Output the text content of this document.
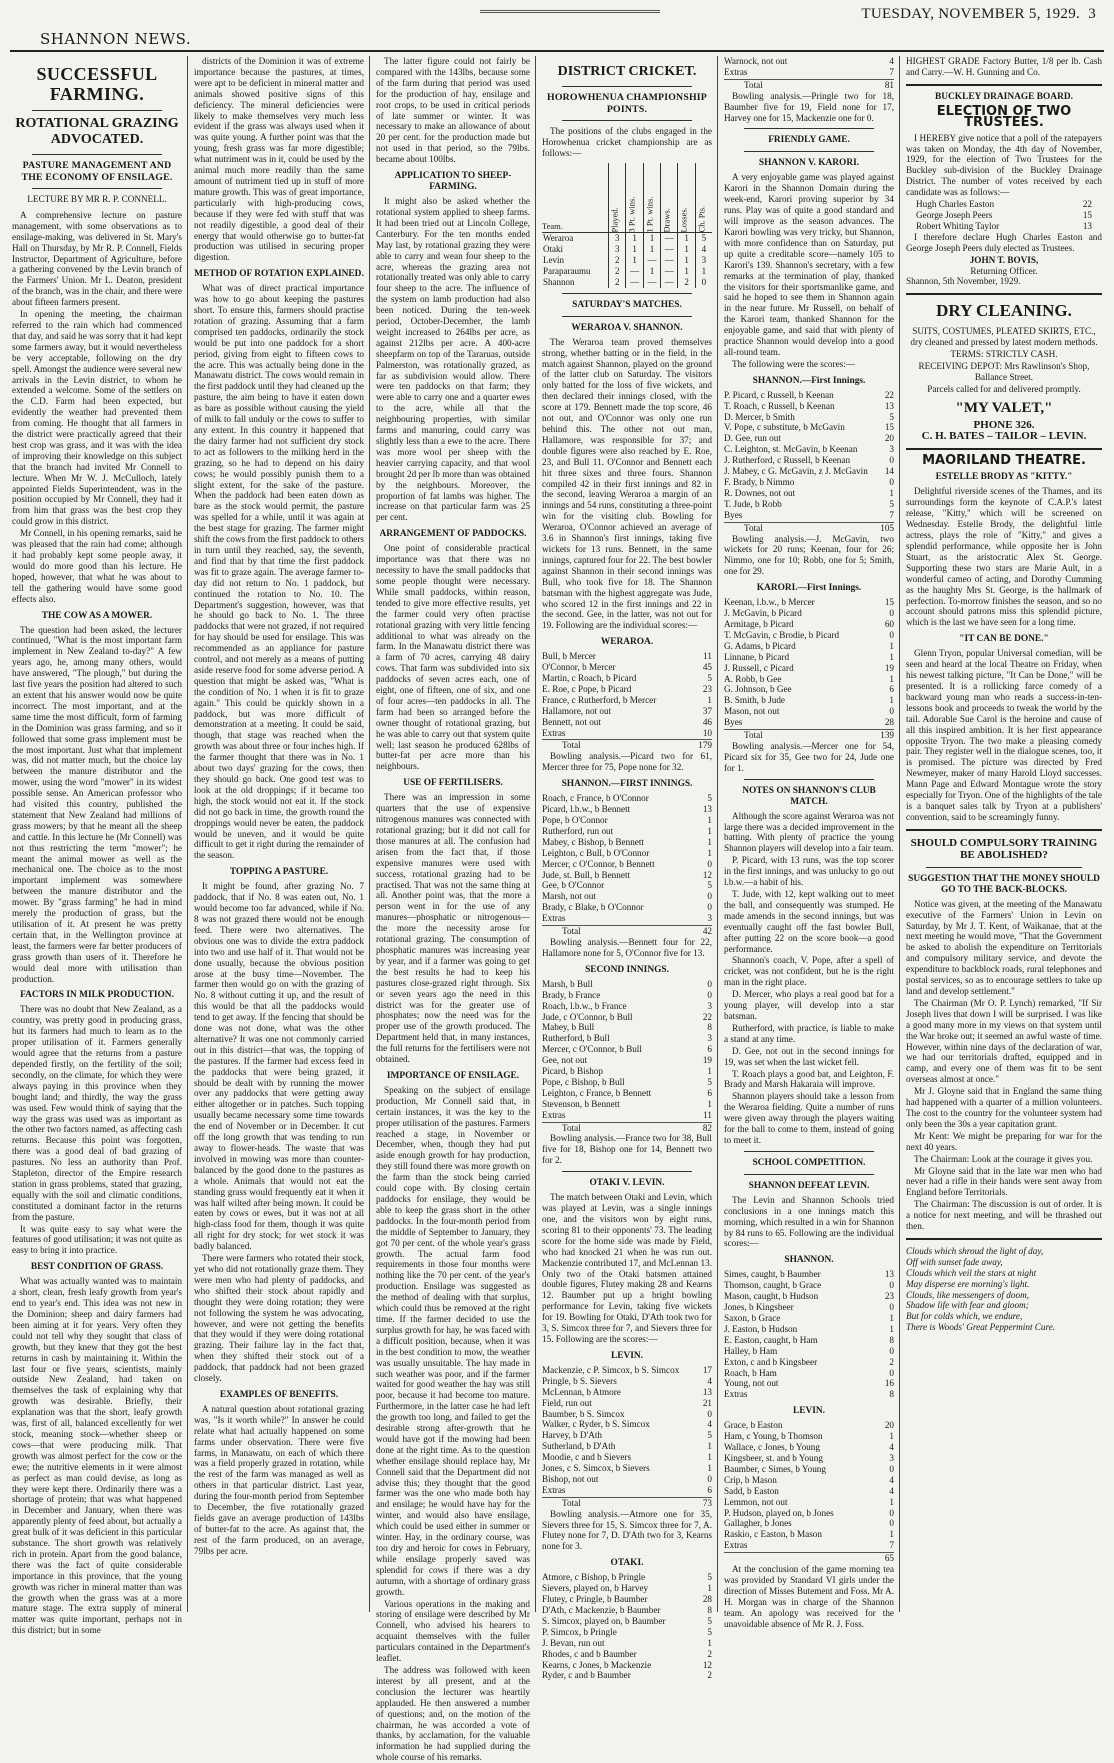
SHANNON NEWS.
TUESDAY, NOVEMBER 5, 1929. 3
SUCCESSFUL FARMING.
ROTATIONAL GRAZING ADVOCATED.
PASTURE MANAGEMENT AND THE ECONOMY OF ENSILAGE.
LECTURE BY MR R. P. CONNELL.

A comprehensive lecture on pasture management, with some observations as to ensilage-making, was delivered in St. Mary's Hall on Thursday, by Mr R. P. Connell, Fields Instructor, Department of Agriculture, before a gathering convened by the Levin branch of the Farmers' Union. Mr L. Deaton, president of the branch, was in the chair, and there were about fifteen farmers present.

In opening the meeting, the chairman referred to the rain which had commenced that day, and said he was sorry that it had kept some farmers away, but it would nevertheless be very acceptable, following on the dry spell. Amongst the audience were several new arrivals in the Levin district, to whom he extended a welcome. Some of the settlers on the C.D. Farm had been expected, but evidently the weather had prevented them from coming. He thought that all farmers in the district were practically agreed that their best crop was grass, and it was with the idea of improving their knowledge on this subject that the branch had invited Mr Connell to lecture. When Mr W. J. McCulloch, lately appointed Fields Superintendent, was in the position occupied by Mr Connell, they had it from him that grass was the best crop they could grow in this district.

Mr Connell, in his opening remarks, said he was pleased that the rain had come; although it had probably kept some people away, it would do more good than his lecture. He hoped, however, that what he was about to tell the gathering would have some good effects also.

THE COW AS A MOWER.

The question had been asked, the lecturer continued, "What is the most important farm implement in New Zealand to-day?" A few years ago, he, among many others, would have answered, "The plough," but during the last five years the position had altered to such an extent that his answer would now be quite incorrect. The most important, and at the same time the most difficult, form of farming in the Dominion was grass farming, and so it followed that some grass implement must be the most important. Just what that implement was, did not matter much, but the choice lay between the manure distributor and the mower, using the word "mower" in its widest possible sense. An American professor who had visited this country, published the statement that New Zealand had millions of grass mowers; by that he meant all the sheep and cattle. In this lecture he (Mr Connell) was not thus restricting the term "mower"; he meant the animal mower as well as the mechanical one. The choice as to the most important implement was somewhere between the manure distributor and the mower. By "grass farming" he had in mind merely the production of grass, but the utilisation of it. At present he was pretty certain that, in the Wellington province at least, the farmers were far better producers of grass growth than users of it. Therefore he would deal more with utilisation than production.

FACTORS IN MILK PRODUCTION.

There was no doubt that New Zealand, as a country, was pretty good in producing grass, but its farmers had much to learn as to the proper utilisation of it. Farmers generally would agree that the returns from a pasture depended firstly, on the fertility of the soil; secondly, on the climate, for which they were always paying in this province when they bought land; and thirdly, the way the grass was used. Few would think of saying that the way the grass was used was as important as the other two factors named, as affecting cash returns. Because this point was forgotten, there was a good deal of bad grazing of pastures. No less an authority than Prof. Stapleton, director of the Empire research station in grass problems, stated that grazing, equally with the soil and climatic conditions, constituted a dominant factor in the returns from the pasture.

It was quite easy to say what were the features of good utilisation; it was not quite as easy to bring it into practice.

BEST CONDITION OF GRASS.

What was actually wanted was to maintain a short, clean, fresh leafy growth from year's end to year's end. This idea was not new in the Dominion; sheep and dairy farmers had been aiming at it for years. Very often they could not tell why they sought that class of growth, but they knew that they got the best returns in cash by maintaining it. Within the last four or five years, scientists, mainly outside New Zealand, had taken on themselves the task of explaining why that growth was desirable. Briefly, their explanation was that the short, leafy growth was, first of all, balanced excellently for wet stock, meaning stock—whether sheep or cows—that were producing milk. That growth was almost perfect for the cow or the ewe; the nutritive elements in it were almost as perfect as man could devise, as long as they were kept there. Ordinarily there was a shortage of protein; that was what happened in December and January, when there was apparently plenty of feed about, but actually a great bulk of it was deficient in this particular substance. The short growth was relatively rich in protein. Apart from the good balance, there was the fact of quite considerable importance in this province, that the young growth was richer in mineral matter than was the growth when the grass was at a more mature stage. The extra supply of mineral matter was quite important, perhaps not in this district; but in some

districts of the Dominion it was of extreme importance because the pastures, at times, were apt to be deficient in mineral matter and animals showed positive signs of this deficiency. The mineral deficiencies were likely to make themselves very much less evident if the grass was always used when it was quite young. A further point was that the young, fresh grass was far more digestible; what nutriment was in it, could be used by the animal much more readily than the same amount of nutriment tied up in stuff of more mature growth. This was of great importance, particularly with high-producing cows, because if they were fed with stuff that was not readily digestible, a good deal of their energy that would otherwise go to butter-fat production was utilised in securing proper digestion.

METHOD OF ROTATION EXPLAINED.

What was of direct practical importance was how to go about keeping the pastures short. To ensure this, farmers should practise rotation of grazing. Assuming that a farm comprised ten paddocks, ordinarily the stock would be put into one paddock for a short period, giving from eight to fifteen cows to the acre. This was actually being done in the Manawatu district. The cows would remain in the first paddock until they had cleaned up the pasture, the aim being to have it eaten down as bare as possible without causing the yield of milk to fall unduly or the cows to suffer to any extent. In this country it happened that the dairy farmer had not sufficient dry stock to act as followers to the milking herd in the grazing, so he had to depend on his dairy cows; he would possibly punish them to a slight extent, for the sake of the pasture. When the paddock had been eaten down as bare as the stock would permit, the pasture was spelled for a while, until it was again at the best stage for grazing. The farmer might shift the cows from the first paddock to others in turn until they reached, say, the seventh, and find that by that time the first paddock was fit to graze again. The average farmer to-day did not return to No. 1 paddock, but continued the rotation to No. 10. The Department's suggestion, however, was that he should go back to No. 1. The three paddocks that were not grazed, if not required for hay should be used for ensilage. This was recommended as an appliance for pasture control, and not merely as a means of putting aside reserve food for some adverse period. A question that might be asked was, "What is the condition of No. 1 when it is fit to graze again." This could be quickly shown in a paddock, but was more difficult of demonstration at a meeting. It could be said, though, that stage was reached when the growth was about three or four inches high. If the farmer thought that there was in No. 1 about two days' grazing for the cows, then they should go back. One good test was to look at the old droppings; if it became too high, the stock would not eat it. If the stock did not go back in time, the growth round the droppings would never be eaten, the paddock would be uneven, and it would be quite difficult to get it right during the remainder of the season.

TOPPING A PASTURE.

It might be found, after grazing No. 7 paddock, that if No. 8 was eaten out, No. 1 would become too far advanced, while if No. 8 was not grazed there would not be enough feed. There were two alternatives. The obvious one was to divide the extra paddock into two and use half of it. That would not be done usually, because the obvious position arose at the busy time—November. The farmer then would go on with the grazing of No. 8 without cutting it up, and the result of this would be that all the paddocks would tend to get away. If the fencing that should be done was not done, what was the other alternative? It was one not commonly carried out in this district—that was, the topping of the pastures. If the farmer had excess feed in the paddocks that were being grazed, it should be dealt with by running the mower over any paddocks that were getting away either altogether or in patches. Such topping usually became necessary some time towards the end of November or in December. It cut off the long growth that was tending to run away to flower-heads. The waste that was involved in mowing was more than counter-balanced by the good done to the pastures as a whole. Animals that would not eat the standing grass would frequently eat it when it was half wilted after being mown. It could be eaten by cows or ewes, but it was not at all high-class food for them, though it was quite all right for dry stock; for wet stock it was badly balanced.

There were farmers who rotated their stock, yet who did not rotationally graze them. They were men who had plenty of paddocks, and who shifted their stock about rapidly and thought they were doing rotation; they were not following the system he was advocating, however, and were not getting the benefits that they would if they were doing rotational grazing. Their failure lay in the fact that, when they shifted their stock out of a paddock, that paddock had not been grazed closely.

EXAMPLES OF BENEFITS.

A natural question about rotational grazing was, "Is it worth while?" In answer he could relate what had actually happened on some farms under observation. There were five farms, in Manawatu, on each of which there was a field properly grazed in rotation, while the rest of the farm was managed as well as others in that particular district. Last year, during the four-month period from September to December, the five rotationally grazed fields gave an average production of 143lbs of butter-fat to the acre. As against that, the rest of the farm produced, on an average, 79lbs per acre.

The latter figure could not fairly be compared with the 143lbs, because some of the farm during that period was used for the production of hay, ensilage and root crops, to be used in critical periods of late summer or winter. It was necessary to make an allowance of about 20 per cent. for the production made but not used in that period, so the 79lbs. became about 100lbs.

APPLICATION TO SHEEP-FARMING.

It might also be asked whether the rotational system applied to sheep farms. It had been tried out at Lincoln College, Canterbury. For the ten months ended May last, by rotational grazing they were able to carry and wean four sheep to the acre, whereas the grazing area not rotationally treated was only able to carry four sheep to the acre. The influence of the system on lamb production had also been noticed. During the ten-week period, October-December, the lamb weight increased to 264lbs per acre, as against 212lbs per acre. A 400-acre sheepfarm on top of the Tararuas, outside Palmerston, was rotationally grazed, as far as subdivision would allow. There were ten paddocks on that farm; they were able to carry one and a quarter ewes to the acre, while all that the neighbouring properties, with similar farms and manuring, could carry was slightly less than a ewe to the acre. There was more wool per sheep with the heavier carrying capacity, and that wool brought 2d per lb more than was obtained by the neighbours. Moreover, the proportion of fat lambs was higher. The increase on that particular farm was 25 per cent.

ARRANGEMENT OF PADDOCKS.

One point of considerable practical importance was that there was no necessity to have the small paddocks that some people thought were necessary. While small paddocks, within reason, tended to give more effective results, yet the farmer could very often practise rotational grazing with very little fencing additional to what was already on the farm. In the Manawatu district there was a farm of 70 acres, carrying 48 dairy cows. That farm was subdivided into six paddocks of seven acres each, one of eight, one of fifteen, one of six, and one of four acres—ten paddocks in all. The farm had been so arranged before the owner thought of rotational grazing, but he was able to carry out that system quite well; last season he produced 628lbs of butter-fat per acre more than his neighbours.

USE OF FERTILISERS.

There was an impression in some quarters that the use of expensive nitrogenous manures was connected with rotational grazing; but it did not call for those manures at all. The confusion had arisen from the fact that, if those expensive manures were used with success, rotational grazing had to be practised. That was not the same thing at all. Another point was, that the more a person went in for the use of any manures—phosphatic or nitrogenous—the more the necessity arose for rotational grazing. The consumption of phosphatic manures was increasing year by year, and if a farmer was going to get the best results he had to keep his pastures close-grazed right through. Six or seven years ago the need in this district was for the greater use of phosphates; now the need was for the proper use of the growth produced. The Department held that, in many instances, the full returns for the fertilisers were not obtained.

IMPORTANCE OF ENSILAGE.

Speaking on the subject of ensilage production, Mr Connell said that, in certain instances, it was the key to the proper utilisation of the pastures. Farmers reached a stage, in November or December, when, though they had put aside enough growth for hay production, they still found there was more growth on the farm than the stock being carried could cope with. By closing certain paddocks for ensilage, they would be able to keep the grass short in the other paddocks. In the four-month period from the middle of September to January, they got 70 per cent. of the whole year's grass growth. The actual farm food requirements in those four months were nothing like the 70 per cent. of the year's production. Ensilage was suggested as the method of dealing with that surplus, which could thus be removed at the right time. If the farmer decided to use the surplus growth for hay, he was faced with a difficult position, because, when it was in the best condition to mow, the weather was usually unsuitable. The hay made in such weather was poor, and if the farmer waited for good weather the hay was still poor, because it had become too mature. Furthermore, in the latter case he had left the growth too long, and failed to get the desirable strong after-growth that he would have got if the mowing had been done at the right time. As to the question whether ensilage should replace hay, Mr Connell said that the Department did not advise this; they thought that the good farmer was the one who made both hay and ensilage; he would have hay for the winter, and would also have ensilage, which could be used either in summer or winter. Hay, in the ordinary course, was too dry and heroic for cows in February, while ensilage properly saved was splendid for cows if there was a dry autumn, with a shortage of ordinary grass growth.

Various operations in the making and storing of ensilage were described by Mr Connell, who advised his hearers to acquaint themselves with the fuller particulars contained in the Department's leaflet.

The address was followed with keen interest by all present, and at the conclusion the lecturer was heartily applauded. He then answered a number of questions; and, on the motion of the chairman, he was accorded a vote of thanks, by acclamation, for the valuable information he had supplied during the whole course of his remarks.

DISTRICT CRICKET.
HOROWHENUA CHAMPIONSHIP POINTS.

The positions of the clubs engaged in the Horowhenua cricket championship are as follows:—

Team.	Played.	3 Pt. wins.	1 Pt. wins.	Draws.	Losses.	Ch. Pts.
Weraroa	3	1	1	—	1	5
Otaki	3	1	1	—	1	4
Levin	2	1	—	—	1	3
Paraparaumu	2	—	1	—	1	1
Shannon	2	—	—	—	2	0
SATURDAY'S MATCHES.
WERAROA V. SHANNON.

The Weraroa team proved themselves strong, whether batting or in the field, in the match against Shannon, played on the ground of the latter club on Saturday. The visitors only batted for the loss of five wickets, and then declared their innings closed, with the score at 179. Bennett made the top score, 46 not out, and O'Connor was only one run behind this. The other not out man, Hallamore, was responsible for 37; and double figures were also reached by E. Roe, 23, and Bull 11. O'Connor and Bennett each hit three sixes and three fours. Shannon compiled 42 in their first innings and 82 in the second, leaving Weraroa a margin of an innings and 54 runs, constituting a three-point win for the visiting club. Bowling for Weraroa, O'Connor achieved an average of 3.6 in Shannon's first innings, taking five wickets for 13 runs. Bennett, in the same innings, captured four for 22. The best bowler against Shannon in their second innings was Bull, who took five for 18. The Shannon batsman with the highest aggregate was Jude, who scored 12 in the first innings and 22 in the second. Gee, in the latter, was not out for 19. Following are the individual scores:—

WERAROA.
Bull, b Mercer	11
O'Connor, b Mercer	45
Martin, c Roach, b Picard	5
E. Roe, c Pope, b Picard	23
France, c Rutherford, b Mercer	1
Hallamore, not out	37
Bennett, not out	46
Extras	10
Total	179

Bowling analysis.—Picard two for 61, Mercer three for 75, Pope none for 32.

SHANNON.—FIRST INNINGS.
Roach, c France, b O'Connor	5
Picard, l.b.w., b Bennett	13
Pope, b O'Connor	1
Rutherford, run out	1
Mabey, c Bishop, b Bennett	1
Leighton, c Bull, b O'Connor	1
Mercer, c O'Connor, b Bennett	0
Jude, st. Bull, b Bennett	12
Gee, b O'Connor	5
Marsh, not out	0
Brady, c Blake, b O'Connor	0
Extras	3
Total	42

Bowling analysis.—Bennett four for 22, Hallamore none for 5, O'Connor five for 13.

SECOND INNINGS.
Marsh, b Bull	0
Brady, b France	0
Roach, l.b.w., b France	3
Jude, c O'Connor, b Bull	22
Mabey, b Bull	8
Rutherford, b Bull	3
Mercer, c O'Connor, b Bull	6
Gee, not out	19
Picard, b Bishop	1
Pope, c Bishop, b Bull	5
Leighton, c France, b Bennett	6
Stevenson, b Bennett	1
Extras	11
Total	82

Bowling analysis.—France two for 38, Bull five for 18, Bishop one for 14, Bennett two for 2.

OTAKI V. LEVIN.

The match between Otaki and Levin, which was played at Levin, was a single innings one, and the visitors won by eight runs, scoring 81 to their opponents' 73. The leading score for the home side was made by Field, who had knocked 21 when he was run out. Mackenzie contributed 17, and McLennan 13. Only two of the Otaki batsmen attained double figures, Flutey making 28 and Kearns 12. Baumber put up a bright bowling performance for Levin, taking five wickets for 19. Bowling for Otaki, D'Ath took two for 3, S. Simcox three for 7, and Sievers three for 15. Following are the scores:—

LEVIN.
Mackenzie, c P. Simcox, b S. Simcox	17
Pringle, b S. Sievers	4
McLennan, b Atmore	13
Field, run out	21
Baumber, b S. Simcox	0
Walker, c Ryder, b S. Simcox	4
Harvey, b D'Ath	5
Sutherland, b D'Ath	1
Moodie, c and b Sievers	1
Jones, c S. Simcox, b Sievers	1
Bishop, not out	0
Extras	6
Total	73

Bowling analysis.—Atmore one for 35, Sievers three for 15, S. Simcox three for 7, A. Flutey none for 7, D. D'Ath two for 3, Kearns none for 3.

OTAKI.
Atmore, c Bishop, b Pringle	5
Sievers, played on, b Harvey	1
Flutey, c Pringle, b Baumber	28
D'Ath, c Mackenzie, b Baumber	8
S. Simcox, played on, b Baumber	5
P. Simcox, b Pringle	5
J. Bevan, run out	1
Rhodes, c and b Baumber	2
Kearns, c Jones, b Mackenzie	12
Ryder, c and b Baumber	2
Warnock, not out	4
Extras	7
Total	81

Bowling analysis.—Pringle two for 18, Baumber five for 19, Field none for 17, Harvey one for 15, Mackenzie one for 0.

FRIENDLY GAME.
SHANNON V. KARORI.

A very enjoyable game was played against Karori in the Shannon Domain during the week-end, Karori proving superior by 34 runs. Play was of quite a good standard and will improve as the season advances. The Karori bowling was very tricky, but Shannon, with more confidence than on Saturday, put up quite a creditable score—namely 105 to Karori's 139. Shannon's secretary, with a few remarks at the termination of play, thanked the visitors for their sportsmanlike game, and said he hoped to see them in Shannon again in the near future. Mr Russell, on behalf of the Karori team, thanked Shannon for the enjoyable game, and said that with plenty of practice Shannon would develop into a good all-round team.

The following were the scores:—

SHANNON.—First Innings.
P. Picard, c Russell, b Keenan	22
T. Roach, c Russell, b Keenan	13
D. Mercer, b Smith	5
V. Pope, c substitute, b McGavin	15
D. Gee, run out	20
C. Leighton, st. McGavin, b Keenan	3
J. Rutherford, c Russell, b Keenan	0
J. Mabey, c G. McGavin, z J. McGavin	14
F. Brady, b Nimmo	0
R. Downes, not out	1
T. Jude, b Robb	5
Byes	7
Total	105

Bowling analysis.—J. McGavin, two wickets for 20 runs; Keenan, four for 26; Nimmo, one for 10; Robb, one for 5; Smith, one for 29.

KARORI.—First Innings.
Keenan, l.b.w., b Mercer	15
J. McGavin, b Picard	0
Armitage, b Picard	60
T. McGavin, c Brodie, b Picard	0
G. Adams, b Picard	1
Linnane, b Picard	1
J. Russell, c Picard	19
A. Robb, b Gee	1
G. Johnson, b Gee	6
B. Smith, b Jude	1
Mason, not out	0
Byes	28
Total	139

Bowling analysis.—Mercer one for 54, Picard six for 35, Gee two for 24, Jude one for 1.

NOTES ON SHANNON'S CLUB MATCH.

Although the score against Weraroa was not large there was a decided improvement in the batting. With plenty of practice the young Shannon players will develop into a fair team.

P. Picard, with 13 runs, was the top scorer in the first innings, and was unlucky to go out l.b.w.—a habit of his.

T. Jude, with 12, kept walking out to meet the ball, and consequently was stumped. He made amends in the second innings, but was eventually caught off the fast bowler Bull, after putting 22 on the score book—a good performance.

Shannon's coach, V. Pope, after a spell of cricket, was not confident, but he is the right man in the right place.

D. Mercer, who plays a real good bat for a young player, will develop into a star batsman.

Rutherford, with practice, is liable to make a stand at any time.

D. Gee, not out in the second innings for 19, was set when the last wicket fell.

T. Roach plays a good bat, and Leighton, F. Brady and Marsh Hakaraia will improve.

Shannon players should take a lesson from the Weraroa fielding. Quite a number of runs were given away through the players waiting for the ball to come to them, instead of going to meet it.

SCHOOL COMPETITION.
SHANNON DEFEAT LEVIN.

The Levin and Shannon Schools tried conclusions in a one innings match this morning, which resulted in a win for Shannon by 84 runs to 65. Following are the individual scores:—

SHANNON.
Simes, caught, b Baumber	13
Thomson, caught, b Grace	0
Mason, caught, b Hudson	23
Jones, b Kingsbeer	0
Saxon, b Grace	1
J. Easton, b Hudson	1
E. Easton, caught, b Ham	8
Halley, b Ham	0
Exton, c and b Kingsbeer	2
Roach, b Ham	0
Young, not out	16
Extras	8
LEVIN.
Grace, b Easton	20
Ham, c Young, b Thomson	1
Wallace, c Jones, b Young	4
Kingsbeer, st. and b Young	3
Baumber, c Simes, b Young	0
Crip, b Mason	4
Sadd, b Easton	4
Lemmon, not out	1
P. Hudson, played on, b Jones	0
Gallagher, b Jones	0
Raskio, c Easton, b Mason	1
Extras	7
65

At the conclusion of the game morning tea was provided by Standard VI girls under the direction of Misses Butement and Foss. Mr A. H. Morgan was in charge of the Shannon team. An apology was received for the unavoidable absence of Mr R. J. Foss.

HIGHEST GRADE Factory Butter, 1/8 per lb. Cash and Carry.—W. H. Gunning and Co.

BUCKLEY DRAINAGE BOARD.
ELECTION OF TWO TRUSTEES.

I HEREBY give notice that a poll of the ratepayers was taken on Monday, the 4th day of November, 1929, for the election of Two Trustees for the Buckley sub-division of the Buckley Drainage District. The number of votes received by each candidate was as follows:—

Hugh Charles Easton	22
George Joseph Peers	15
Robert Whiting Taylor	13

I therefore declare Hugh Charles Easton and George Joseph Peers duly elected as Trustees.

JOHN T. BOVIS,
Returning Officer.
Shannon, 5th November, 1929.
DRY CLEANING.

SUITS, COSTUMES, PLEATED SKIRTS, ETC., dry cleaned and pressed by latest modern methods.

TERMS: STRICTLY CASH.

RECEIVING DEPOT: Mrs Rawlinson's Shop, Ballance Street.

Parcels called for and delivered promptly.

"MY VALET,"
PHONE 326.
C. H. BATES – TAILOR – LEVIN.
MAORILAND THEATRE.
ESTELLE BRODY AS "KITTY."

Delightful riverside scenes of the Thames, and its surroundings form the keynote of C.A.P.'s latest release, "Kitty," which will be screened on Wednesday. Estelle Brody, the delightful little actress, plays the role of "Kitty," and gives a splendid performance, while opposite her is John Stuart, as the aristocratic Alex St. George. Supporting these two stars are Marie Ault, in a wonderful cameo of acting, and Dorothy Cumming as the haughty Mrs St. George, is the hallmark of perfection. To-morrow finishes the season, and so no account should patrons miss this splendid picture, which is the last we have seen for a long time.

"IT CAN BE DONE."

Glenn Tryon, popular Universal comedian, will be seen and heard at the local Theatre on Friday, when his newest talking picture, "It Can be Done," will be presented. It is a rollicking farce comedy of a backward young man who reads a success-in-ten-lessons book and proceeds to tweak the world by the tail. Adorable Sue Carol is the heroine and cause of all this inspired ambition. It is her first appearance opposite Tryon. The two make a pleasing comedy pair. They register well in the dialogue scenes, too, it is promised. The picture was directed by Fred Newmeyer, maker of many Harold Lloyd successes. Mann Page and Edward Montague wrote the story especially for Tryon. One of the highlights of the tale is a banquet sales talk by Tryon at a publishers' convention, said to be screamingly funny.

SHOULD COMPULSORY TRAINING BE ABOLISHED?
SUGGESTION THAT THE MONEY SHOULD GO TO THE BACK-BLOCKS.

Notice was given, at the meeting of the Manawatu executive of the Farmers' Union in Levin on Saturday, by Mr J. T. Kent, of Waikanae, that at the next meeting he would move, "That the Government be asked to abolish the expenditure on Territorials and compulsory military service, and devote the expenditure to backblock roads, rural telephones and postal services, so as to encourage settlers to take up land and develop settlement."

The Chairman (Mr O. P. Lynch) remarked, "If Sir Joseph lives that down I will be surprised. I was like a good many more in my views on that system until the War broke out; it seemed an awful waste of time. However, within nine days of the declaration of war, we had our territorials drafted, equipped and in camp, and every one of them was fit to be sent overseas almost at once."

Mr J. Gloyne said that in England the same thing had happened with a quarter of a million volunteers. The cost to the country for the volunteer system had only been the 30s a year capitation grant.

Mr Kent: We might be preparing for war for the next 40 years.

The Chairman: Look at the courage it gives you.

Mr Gloyne said that in the late war men who had never had a rifle in their hands were sent away from England before Territorials.

The Chairman: The discussion is out of order. It is a notice for next meeting, and will be thrashed out then.

Clouds which shroud the light of day,
Off with sunset fade away,
Clouds which veil the stars at night
May disperse ere morning's light.
Clouds, like messengers of doom,
Shadow life with fear and gloom;
But for colds which, we endure,
There is Woods' Great Peppermint Cure.
